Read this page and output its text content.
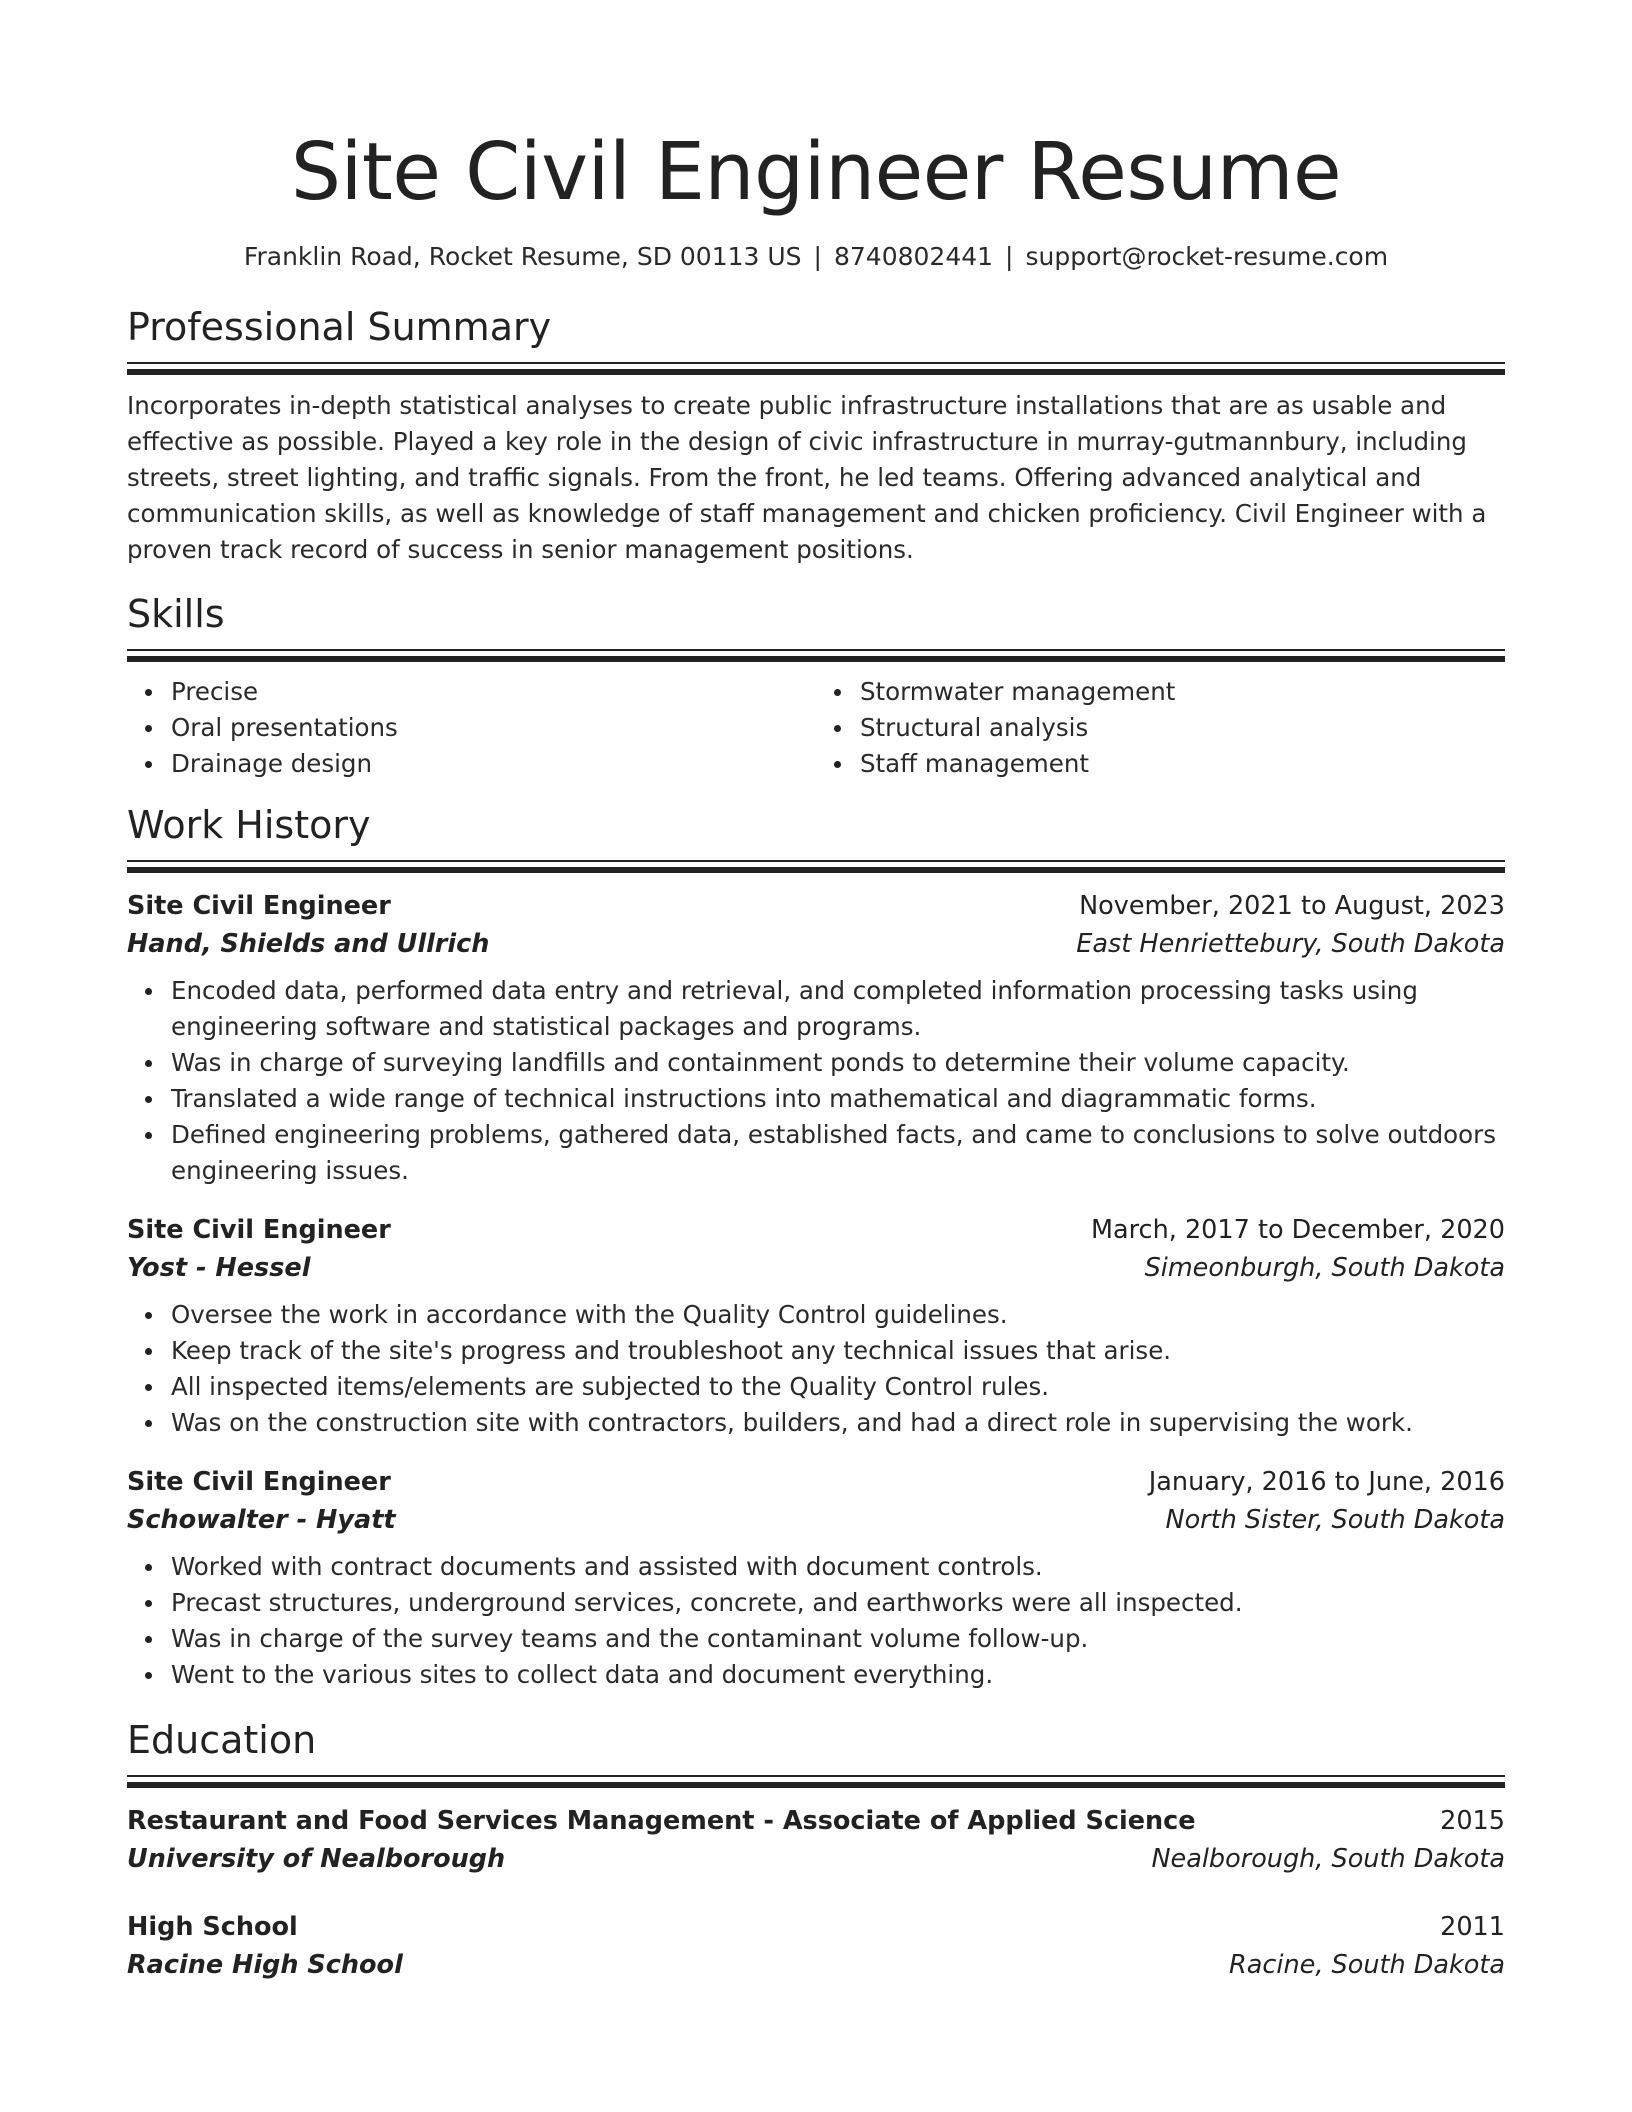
Site Civil Engineer Resume
Franklin Road, Rocket Resume, SD 00113 US | 8740802441 | support@rocket-resume.com
Professional Summary
Incorporates in-depth statistical analyses to create public infrastructure installations that are as usable and effective as possible. Played a key role in the design of civic infrastructure in murray-gutmannbury, including streets, street lighting, and traffic signals. From the front, he led teams. Offering advanced analytical and communication skills, as well as knowledge of staff management and chicken proficiency. Civil Engineer with a proven track record of success in senior management positions.
Skills
Precise
Oral presentations
Drainage design
Stormwater management
Structural analysis
Staff management
Work History
Site Civil Engineer	November, 2021 to August, 2023
Hand, Shields and Ullrich	East Henriettebury, South Dakota
Encoded data, performed data entry and retrieval, and completed information processing tasks using engineering software and statistical packages and programs.
Was in charge of surveying landfills and containment ponds to determine their volume capacity.
Translated a wide range of technical instructions into mathematical and diagrammatic forms.
Defined engineering problems, gathered data, established facts, and came to conclusions to solve outdoors engineering issues.
Site Civil Engineer	March, 2017 to December, 2020
Yost - Hessel	Simeonburgh, South Dakota
Oversee the work in accordance with the Quality Control guidelines.
Keep track of the site's progress and troubleshoot any technical issues that arise.
All inspected items/elements are subjected to the Quality Control rules.
Was on the construction site with contractors, builders, and had a direct role in supervising the work.
Site Civil Engineer	January, 2016 to June, 2016
Schowalter - Hyatt	North Sister, South Dakota
Worked with contract documents and assisted with document controls.
Precast structures, underground services, concrete, and earthworks were all inspected.
Was in charge of the survey teams and the contaminant volume follow-up.
Went to the various sites to collect data and document everything.
Education
Restaurant and Food Services Management - Associate of Applied Science	2015
University of Nealborough	Nealborough, South Dakota
High School	2011
Racine High School	Racine, South Dakota
